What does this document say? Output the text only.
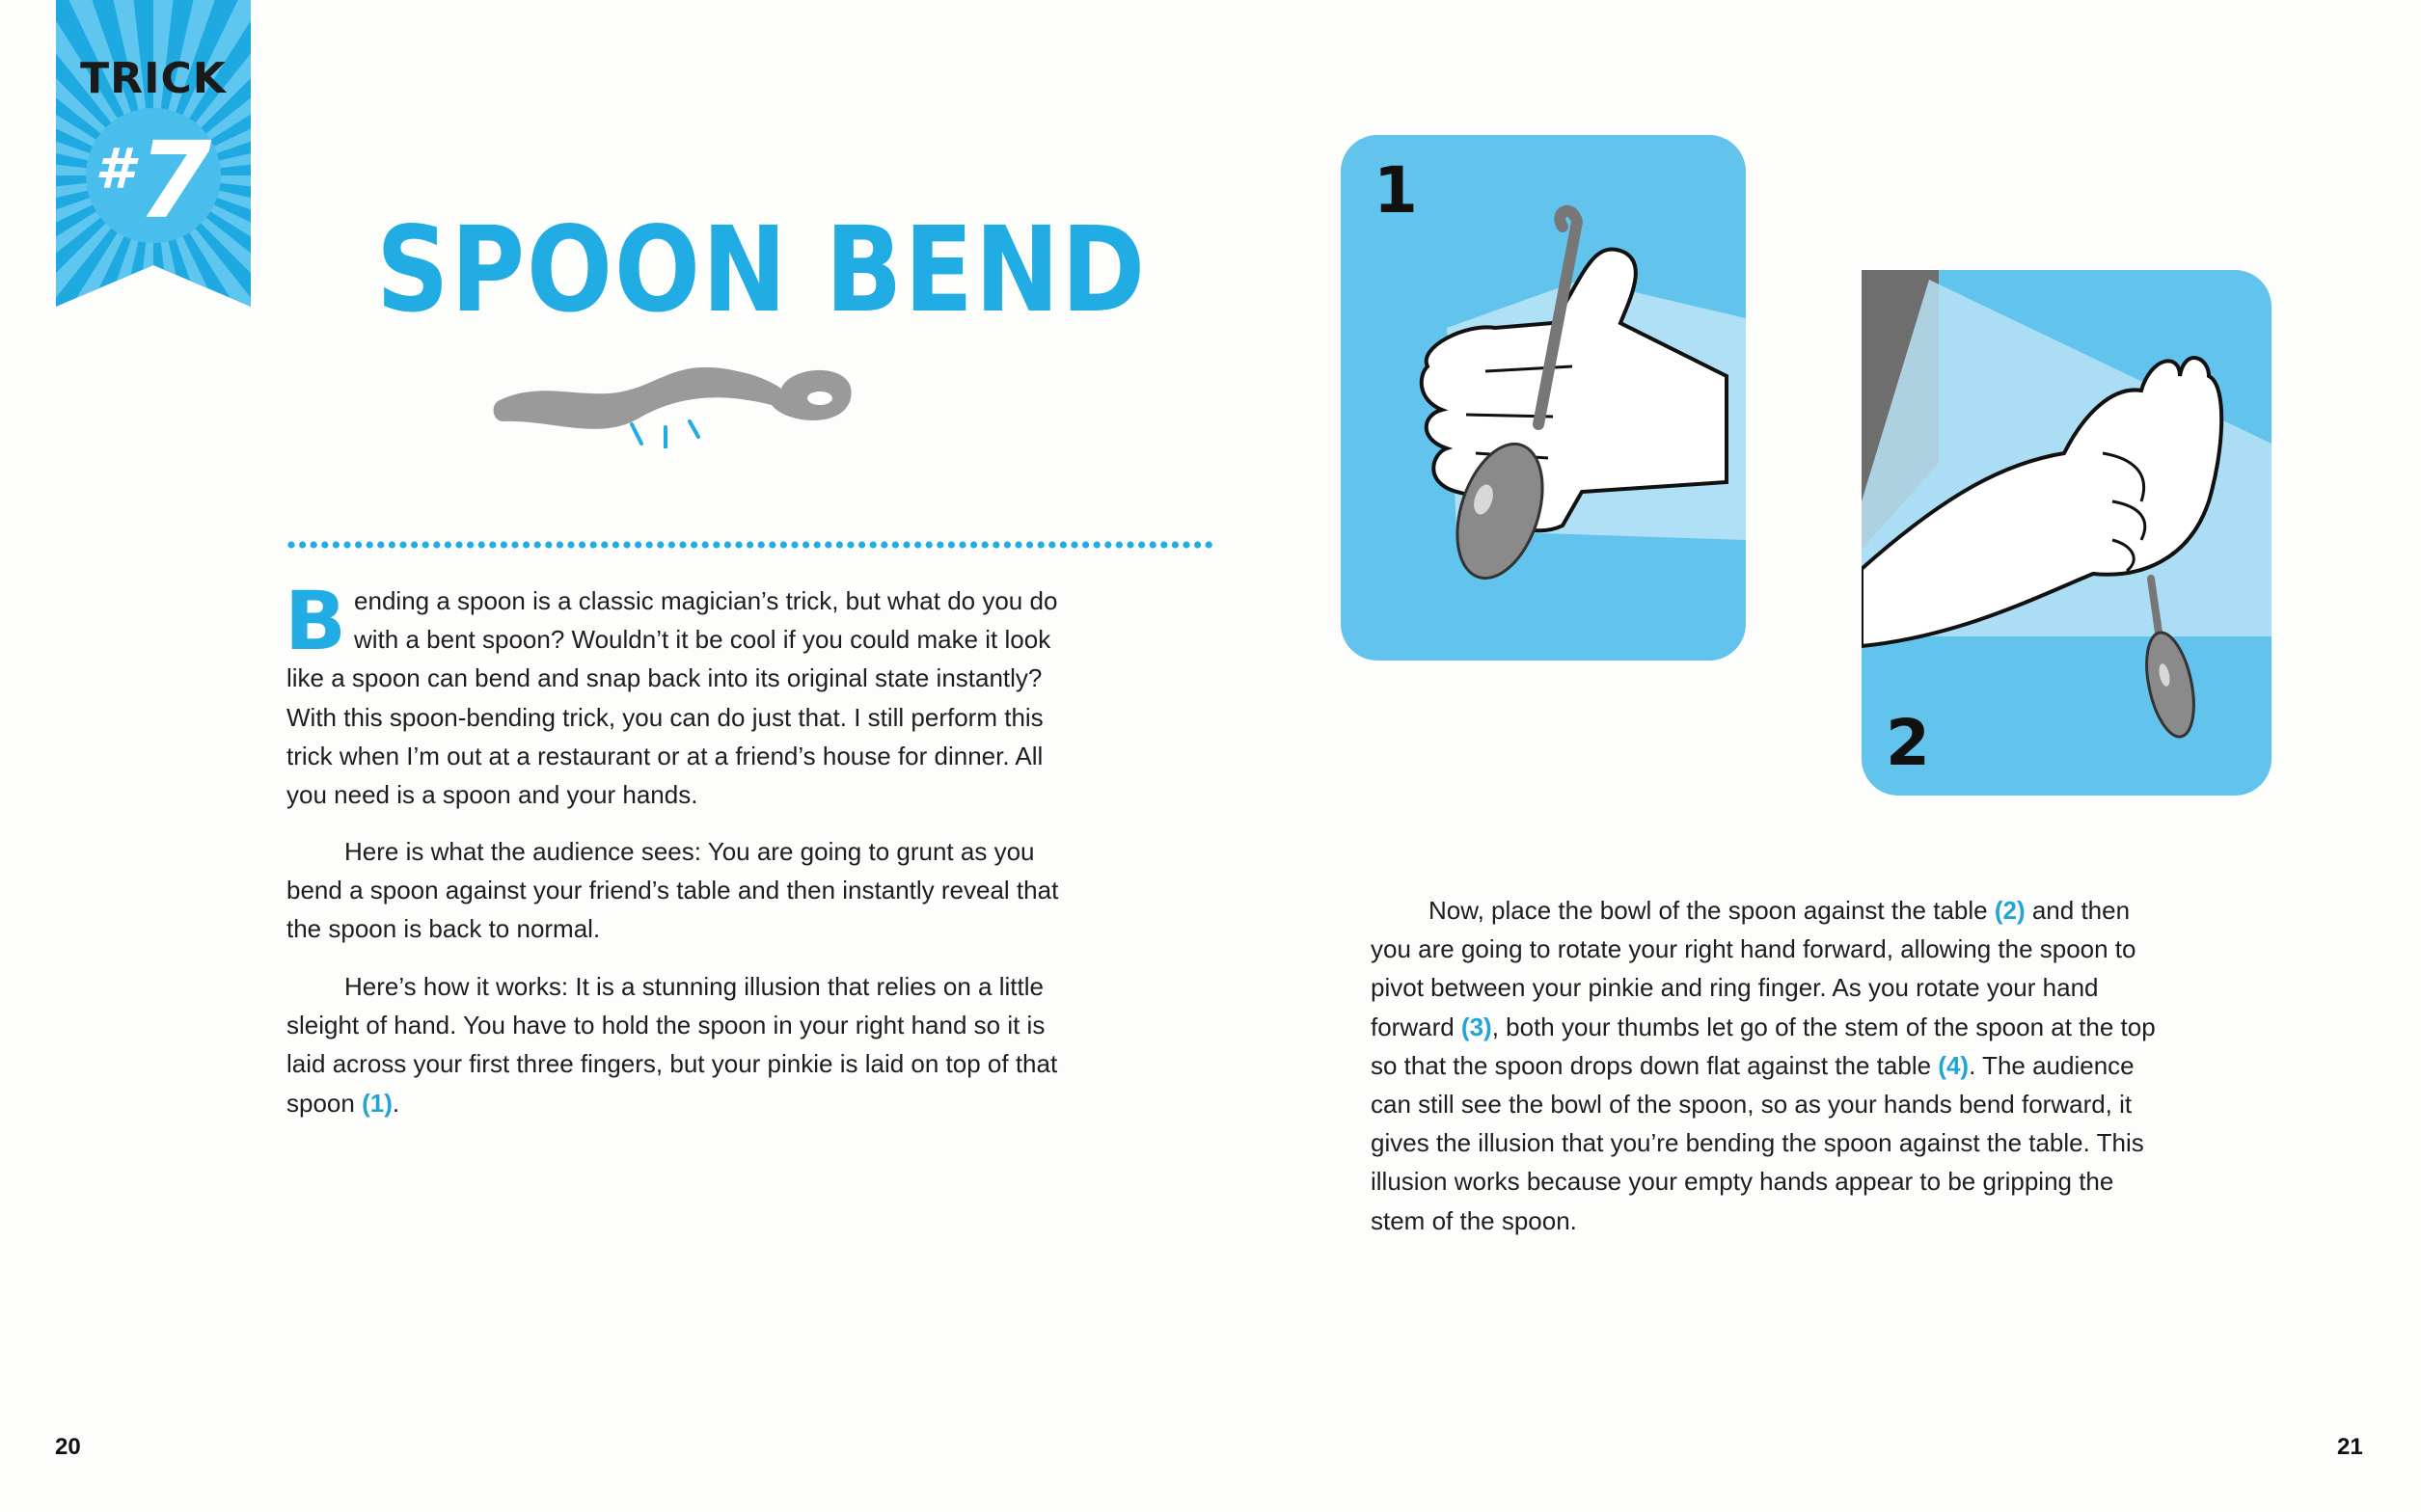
TRICK
#7
SPOON BEND
Bending a spoon is a classic magician’s trick, but what do you do with a bent spoon? Wouldn’t it be cool if you could make it look like a spoon can bend and snap back into its original state instantly? With this spoon-bending trick, you can do just that. I still perform this trick when I’m out at a restaurant or at a friend’s house for dinner. All you need is a spoon and your hands.
Here is what the audience sees: You are going to grunt as you bend a spoon against your friend’s table and then instantly reveal that the spoon is back to normal.
Here’s how it works: It is a stunning illusion that relies on a little sleight of hand. You have to hold the spoon in your right hand so it is laid across your first three fingers, but your pinkie is laid on top of that spoon (1).
Now, place the bowl of the spoon against the table (2) and then you are going to rotate your right hand forward, allowing the spoon to pivot between your pinkie and ring finger. As you rotate your hand forward (3), both your thumbs let go of the stem of the spoon at the top so that the spoon drops down flat against the table (4). The audience can still see the bowl of the spoon, so as your hands bend forward, it gives the illusion that you’re bending the spoon against the table. This illusion works because your empty hands appear to be gripping the stem of the spoon.
1
2
20	21
